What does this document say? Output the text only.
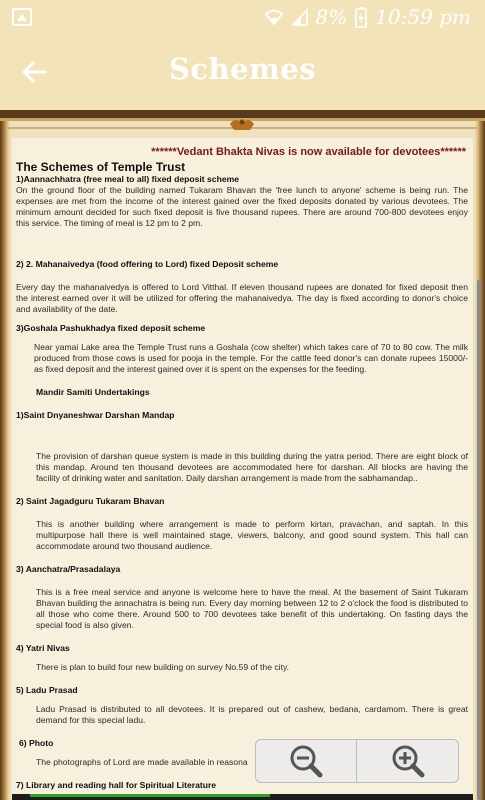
8% 10:59 pm
Schemes
******Vedant Bhakta Nivas is now available for devotees******
The Schemes of Temple Trust
1)Aannachhatra (free meal to all) fixed deposit scheme

On the ground floor of the building named Tukaram Bhavan the 'free lunch to anyone' scheme is being run. The expenses are met from the income of the interest gained over the fixed deposits donated by various devotees. The minimum amount decided for such fixed deposit is five thousand rupees. There are around 700-800 devotees enjoy this service. The timing of meal is 12 pm to 2 pm.

2) 2. Mahanaivedya (food offering to Lord) fixed Deposit scheme

Every day the mahanaivedya is offered to Lord Vitthal. If eleven thousand rupees are donated for fixed deposit then the interest earned over it will be utilized for offering the mahanaivedya. The day is fixed according to donor's choice and availability of the date.

3)Goshala Pashukhadya fixed deposit scheme

Near yamai Lake area the Temple Trust runs a Goshala (cow shelter) which takes care of 70 to 80 cow. The milk produced from those cows is used for pooja in the temple. For the cattle feed donor's can donate rupees 15000/- as fixed deposit and the interest gained over it is spent on the expenses for the feeding.

Mandir Samiti Undertakings
1)Saint Dnyaneshwar Darshan Mandap

The provision of darshan queue system is made in this building during the yatra period. There are eight block of this mandap. Around ten thousand devotees are accommodated here for darshan. All blocks are having the facility of drinking water and sanitation. Daily darshan arrangement is made from the sabhamandap..

2) Saint Jagadguru Tukaram Bhavan

This is another building where arrangement is made to perform kirtan, pravachan, and saptah. In this multipurpose hall there is well maintained stage, viewers, balcony, and good sound system. This hall can accommodate around two thousand audience.

3) Aanchatra/Prasadalaya

This is a free meal service and anyone is welcome here to have the meal. At the basement of Saint Tukaram Bhavan building the annachatra is being run. Every day morning between 12 to 2 o'clock the food is distributed to all those who come there. Around 500 to 700 devotees take benefit of this undertaking. On fasting days the special food is also given.

4) Yatri Nivas

There is plan to build four new building on survey No.59 of the city.

5) Ladu Prasad

Ladu Prasad is distributed to all devotees. It is prepared out of cashew, bedana, cardamom. There is great demand for this special ladu.

6) Photo

The photographs of Lord are made available in reasona

7) Library and reading hall for Spiritual Literature
